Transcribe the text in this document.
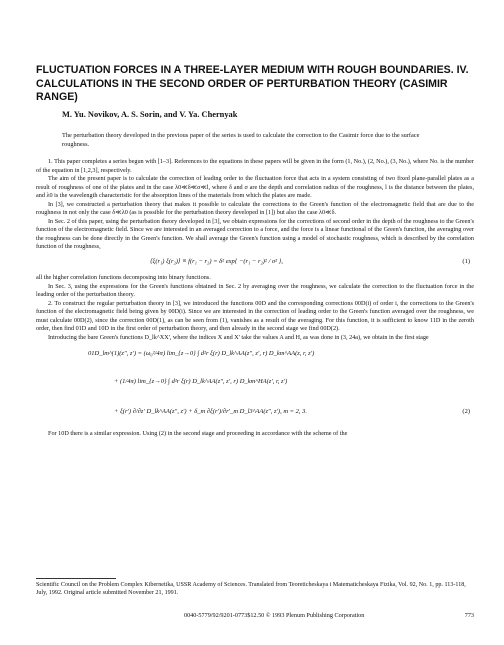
FLUCTUATION FORCES IN A THREE-LAYER MEDIUM WITH ROUGH BOUNDARIES. IV. CALCULATIONS IN THE SECOND ORDER OF PERTURBATION THEORY (CASIMIR RANGE)
M. Yu. Novikov, A. S. Sorin, and V. Ya. Chernyak
The perturbation theory developed in the previous paper of the series is used to calculate the correction to the Casimir force due to the surface roughness.

1. This paper completes a series begun with [1–3]. References to the equations in these papers will be given in the form (1, No.), (2, No.), (3, No.), where No. is the number of the equation in [1,2,3], respectively.

The aim of the present paper is to calculate the correction of leading order to the fluctuation force that acts in a system consisting of two fixed plane-parallel plates as a result of roughness of one of the plates and in the case λ0≪δ≪σ≪l, where δ and σ are the depth and correlation radius of the roughness, l is the distance between the plates, and λ0 is the wavelength characteristic for the absorption lines of the materials from which the plates are made.

In [3], we constructed a perturbation theory that makes it possible to calculate the corrections to the Green's function of the electromagnetic field that are due to the roughness in not only the case δ≪λ0 (as is possible for the perturbation theory developed in [1]) but also the case λ0≪δ.

In Sec. 2 of this paper, using the perturbation theory developed in [3], we obtain expressions for the corrections of second order in the depth of the roughness to the Green's function of the electromagnetic field. Since we are interested in an averaged correction to a force, and the force is a linear functional of the Green's function, the averaging over the roughness can be done directly in the Green's function. We shall average the Green's function using a model of stochastic roughness, which is described by the correlation function of the roughness,

⟨ξ(r₁) ξ(r₂)⟩ ≡ f(r₁ − r₂) = δ² exp{ −(r₁ − r₂)² / σ² },	(1)

all the higher correlation functions decomposing into binary functions.

In Sec. 3, using the expressions for the Green's functions obtained in Sec. 2 by averaging over the roughness, we calculate the correction to the fluctuation force in the leading order of the perturbation theory.

2. To construct the regular perturbation theory in [3], we introduced the functions 00D and the corresponding corrections 00D(i) of order i, the corrections to the Green's function of the electromagnetic field being given by 00D(i). Since we are interested in the correction of leading order to the Green's function averaged over the roughness, we must calculate 00D(2), since the correction 00D(1), as can be seen from (1), vanishes as a result of the averaging. For this function, it is sufficient to know 11D in the zeroth order, then find 01D and 10D in the first order of perturbation theory, and then already in the second stage we find 00D(2).

Introducing the bare Green's functions D_lk^XX', where the indices X and X' take the values A and H, as was done in (3, 24a), we obtain in the first stage

01D_lm^(1)(z″, z′) = (ω₀²/4π) lim_{z→0} ∫ d²r ξ(r) D_lk^AA(z″, z′, r) D_km^AA(z, r, z′)
+ (1/4π) lim_{z→0} ∫ d²r ξ(r) D_lk^AA(z″, z′, r) D_km^HA(z′, r, z′)
+ ξ(r′) ∂/∂z′ D_lk^AA(z″, z′) + δ_m ∂ξ(r′)/∂r′_m D_l3^AA(z″, z′), m = 2, 3.	(2)

For 10D there is a similar expression. Using (2) in the second stage and proceeding in accordance with the scheme of the

Scientific Council on the Problem Complex Kibernetika, USSR Academy of Sciences. Translated from Teoreticheskaya i Matematicheskaya Fizika, Vol. 92, No. 1, pp. 113-118, July, 1992. Original article submitted November 21, 1991.
0040-5779/92/9201-0773$12.50 © 1993 Plenum Publishing Corporation	773
